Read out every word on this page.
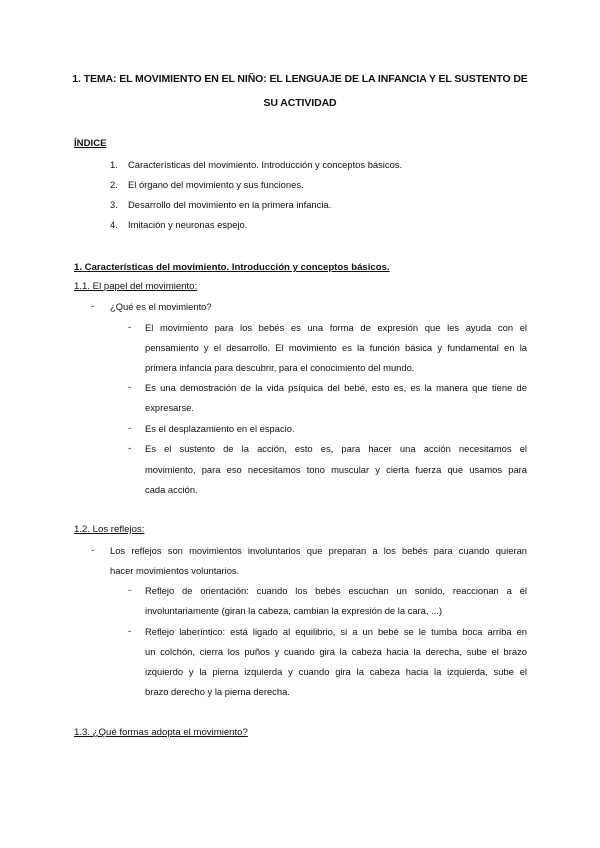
1. TEMA: EL MOVIMIENTO EN EL NIÑO: EL LENGUAJE DE LA INFANCIA Y EL SUSTENTO DE
SU ACTIVIDAD
ÍNDICE
1. Características del movimiento. Introducción y conceptos básicos.
2. El órgano del movimiento y sus funciones.
3. Desarrollo del movimiento en la primera infancia.
4. Imitación y neuronas espejo.
1. Características del movimiento. Introducción y conceptos básicos.
1.1. El papel del movimiento:
- ¿Qué es el movimiento?
- El movimiento para los bebés es una forma de expresión que les ayuda con el
pensamiento y el desarrollo. El movimiento es la función básica y fundamental en la
primera infancia para descubrir, para el conocimiento del mundo.
- Es una demostración de la vida psíquica del bebé, esto es, es la manera que tiene de
expresarse.
- Es el desplazamiento en el espacio.
- Es el sustento de la acción, esto es, para hacer una acción necesitamos el
movimiento, para eso necesitamos tono muscular y cierta fuerza que usamos para
cada acción.
1.2. Los reflejos:
- Los reflejos son movimientos involuntarios que preparan a los bebés para cuando quieran
hacer movimientos voluntarios.
- Reflejo de orientación: cuando los bebés escuchan un sonido, reaccionan a él
involuntariamente (giran la cabeza, cambian la expresión de la cara, ...)
- Reflejo laberíntico: está ligado al equilibrio, si a un bebé se le tumba boca arriba en
un colchón, cierra los puños y cuando gira la cabeza hacia la derecha, sube el brazo
izquierdo y la pierna izquierda y cuando gira la cabeza hacia la izquierda, sube el
brazo derecho y la pierna derecha.
1.3. ¿Qué formas adopta el movimiento?
